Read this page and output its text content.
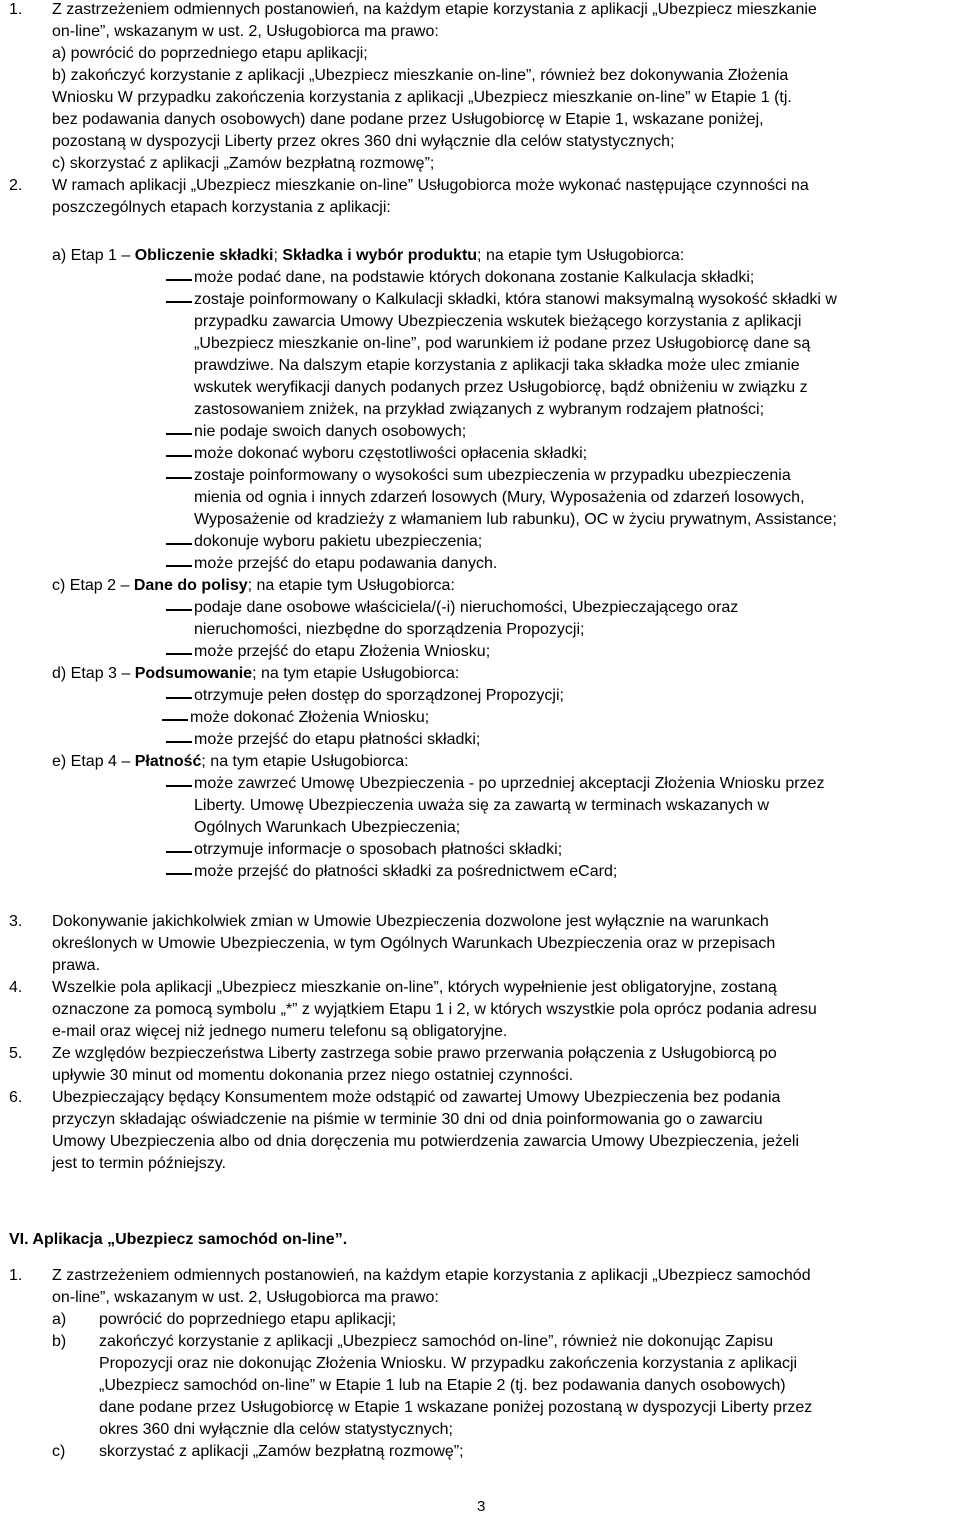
1. Z zastrzeżeniem odmiennych postanowień, na każdym etapie korzystania z aplikacji „Ubezpiecz mieszkanie
on-line”, wskazanym w ust. 2, Usługobiorca ma prawo:
a) powrócić do poprzedniego etapu aplikacji;
b) zakończyć korzystanie z aplikacji „Ubezpiecz mieszkanie on-line”, również bez dokonywania Złożenia
Wniosku W przypadku zakończenia korzystania z aplikacji „Ubezpiecz mieszkanie on-line” w Etapie 1 (tj.
bez podawania danych osobowych) dane podane przez Usługobiorcę w Etapie 1, wskazane poniżej,
pozostaną w dyspozycji Liberty przez okres 360 dni wyłącznie dla celów statystycznych;
c) skorzystać z aplikacji „Zamów bezpłatną rozmowę”;
2. W ramach aplikacji „Ubezpiecz mieszkanie on-line” Usługobiorca może wykonać następujące czynności na
poszczególnych etapach korzystania z aplikacji:
a) Etap 1 – Obliczenie składki; Składka i wybór produktu; na etapie tym Usługobiorca:
może podać dane, na podstawie których dokonana zostanie Kalkulacja składki;
zostaje poinformowany o Kalkulacji składki, która stanowi maksymalną wysokość składki w
przypadku zawarcia Umowy Ubezpieczenia wskutek bieżącego korzystania z aplikacji
„Ubezpiecz mieszkanie on-line”, pod warunkiem iż podane przez Usługobiorcę dane są
prawdziwe. Na dalszym etapie korzystania z aplikacji taka składka może ulec zmianie
wskutek weryfikacji danych podanych przez Usługobiorcę, bądź obniżeniu w związku z
zastosowaniem zniżek, na przykład związanych z wybranym rodzajem płatności;
nie podaje swoich danych osobowych;
może dokonać wyboru częstotliwości opłacenia składki;
zostaje poinformowany o wysokości sum ubezpieczenia w przypadku ubezpieczenia
mienia od ognia i innych zdarzeń losowych (Mury, Wyposażenia od zdarzeń losowych,
Wyposażenie od kradzieży z włamaniem lub rabunku), OC w życiu prywatnym, Assistance;
dokonuje wyboru pakietu ubezpieczenia;
może przejść do etapu podawania danych.
c) Etap 2 – Dane do polisy; na etapie tym Usługobiorca:
podaje dane osobowe właściciela/(-i) nieruchomości, Ubezpieczającego oraz
nieruchomości, niezbędne do sporządzenia Propozycji;
może przejść do etapu Złożenia Wniosku;
d) Etap 3 – Podsumowanie; na tym etapie Usługobiorca:
otrzymuje pełen dostęp do sporządzonej Propozycji;
może dokonać Złożenia Wniosku;
może przejść do etapu płatności składki;
e) Etap 4 – Płatność; na tym etapie Usługobiorca:
może zawrzeć Umowę Ubezpieczenia - po uprzedniej akceptacji Złożenia Wniosku przez
Liberty. Umowę Ubezpieczenia uważa się za zawartą w terminach wskazanych w
Ogólnych Warunkach Ubezpieczenia;
otrzymuje informacje o sposobach płatności składki;
może przejść do płatności składki za pośrednictwem eCard;
3. Dokonywanie jakichkolwiek zmian w Umowie Ubezpieczenia dozwolone jest wyłącznie na warunkach
określonych w Umowie Ubezpieczenia, w tym Ogólnych Warunkach Ubezpieczenia oraz w przepisach
prawa.
4. Wszelkie pola aplikacji „Ubezpiecz mieszkanie on-line”, których wypełnienie jest obligatoryjne, zostaną
oznaczone za pomocą symbolu „*” z wyjątkiem Etapu 1 i 2, w których wszystkie pola oprócz podania adresu
e-mail oraz więcej niż jednego numeru telefonu są obligatoryjne.
5. Ze względów bezpieczeństwa Liberty zastrzega sobie prawo przerwania połączenia z Usługobiorcą po
upływie 30 minut od momentu dokonania przez niego ostatniej czynności.
6. Ubezpieczający będący Konsumentem może odstąpić od zawartej Umowy Ubezpieczenia bez podania
przyczyn składając oświadczenie na piśmie w terminie 30 dni od dnia poinformowania go o zawarciu
Umowy Ubezpieczenia albo od dnia doręczenia mu potwierdzenia zawarcia Umowy Ubezpieczenia, jeżeli
jest to termin późniejszy.
VI. Aplikacja „Ubezpiecz samochód on-line”.
1. Z zastrzeżeniem odmiennych postanowień, na każdym etapie korzystania z aplikacji „Ubezpiecz samochód
on-line”, wskazanym w ust. 2, Usługobiorca ma prawo:
a) powrócić do poprzedniego etapu aplikacji;
b) zakończyć korzystanie z aplikacji „Ubezpiecz samochód on-line”, również nie dokonując Zapisu
Propozycji oraz nie dokonując Złożenia Wniosku. W przypadku zakończenia korzystania z aplikacji
„Ubezpiecz samochód on-line” w Etapie 1 lub na Etapie 2 (tj. bez podawania danych osobowych)
dane podane przez Usługobiorcę w Etapie 1 wskazane poniżej pozostaną w dyspozycji Liberty przez
okres 360 dni wyłącznie dla celów statystycznych;
c) skorzystać z aplikacji „Zamów bezpłatną rozmowę”;
3
